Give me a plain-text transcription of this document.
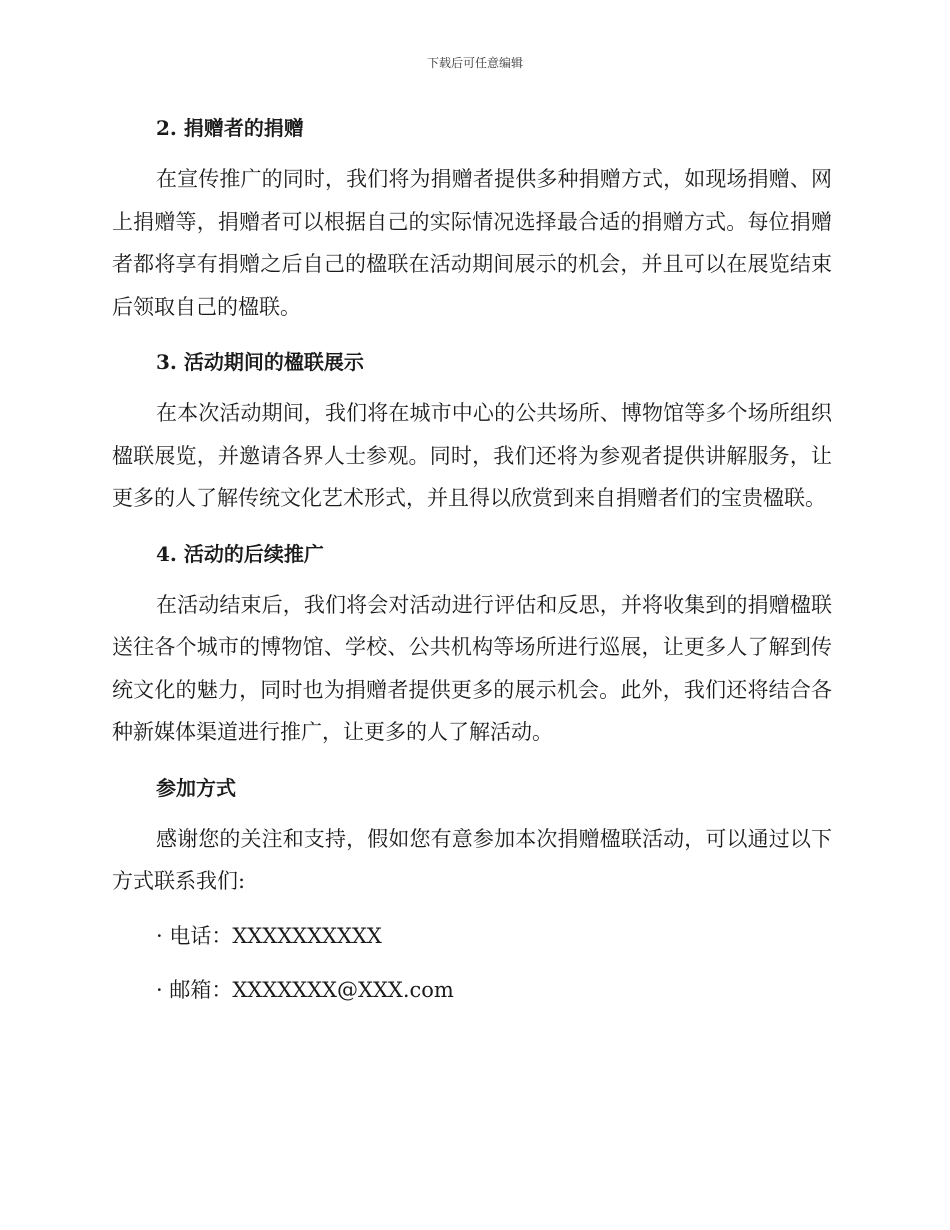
下载后可任意编辑
2. 捐赠者的捐赠

在宣传推广的同时，我们将为捐赠者提供多种捐赠方式，如现场捐赠、网上捐赠等，捐赠者可以根据自己的实际情况选择最合适的捐赠方式。每位捐赠者都将享有捐赠之后自己的楹联在活动期间展示的机会，并且可以在展览结束后领取自己的楹联。

3. 活动期间的楹联展示

在本次活动期间，我们将在城市中心的公共场所、博物馆等多个场所组织楹联展览，并邀请各界人士参观。同时，我们还将为参观者提供讲解服务，让更多的人了解传统文化艺术形式，并且得以欣赏到来自捐赠者们的宝贵楹联。

4. 活动的后续推广

在活动结束后，我们将会对活动进行评估和反思，并将收集到的捐赠楹联送往各个城市的博物馆、学校、公共机构等场所进行巡展，让更多人了解到传统文化的魅力，同时也为捐赠者提供更多的展示机会。此外，我们还将结合各种新媒体渠道进行推广，让更多的人了解活动。

参加方式

感谢您的关注和支持，假如您有意参加本次捐赠楹联活动，可以通过以下方式联系我们:

· 电话：XXXXXXXXXX
· 邮箱：XXXXXXX@XXX.com
